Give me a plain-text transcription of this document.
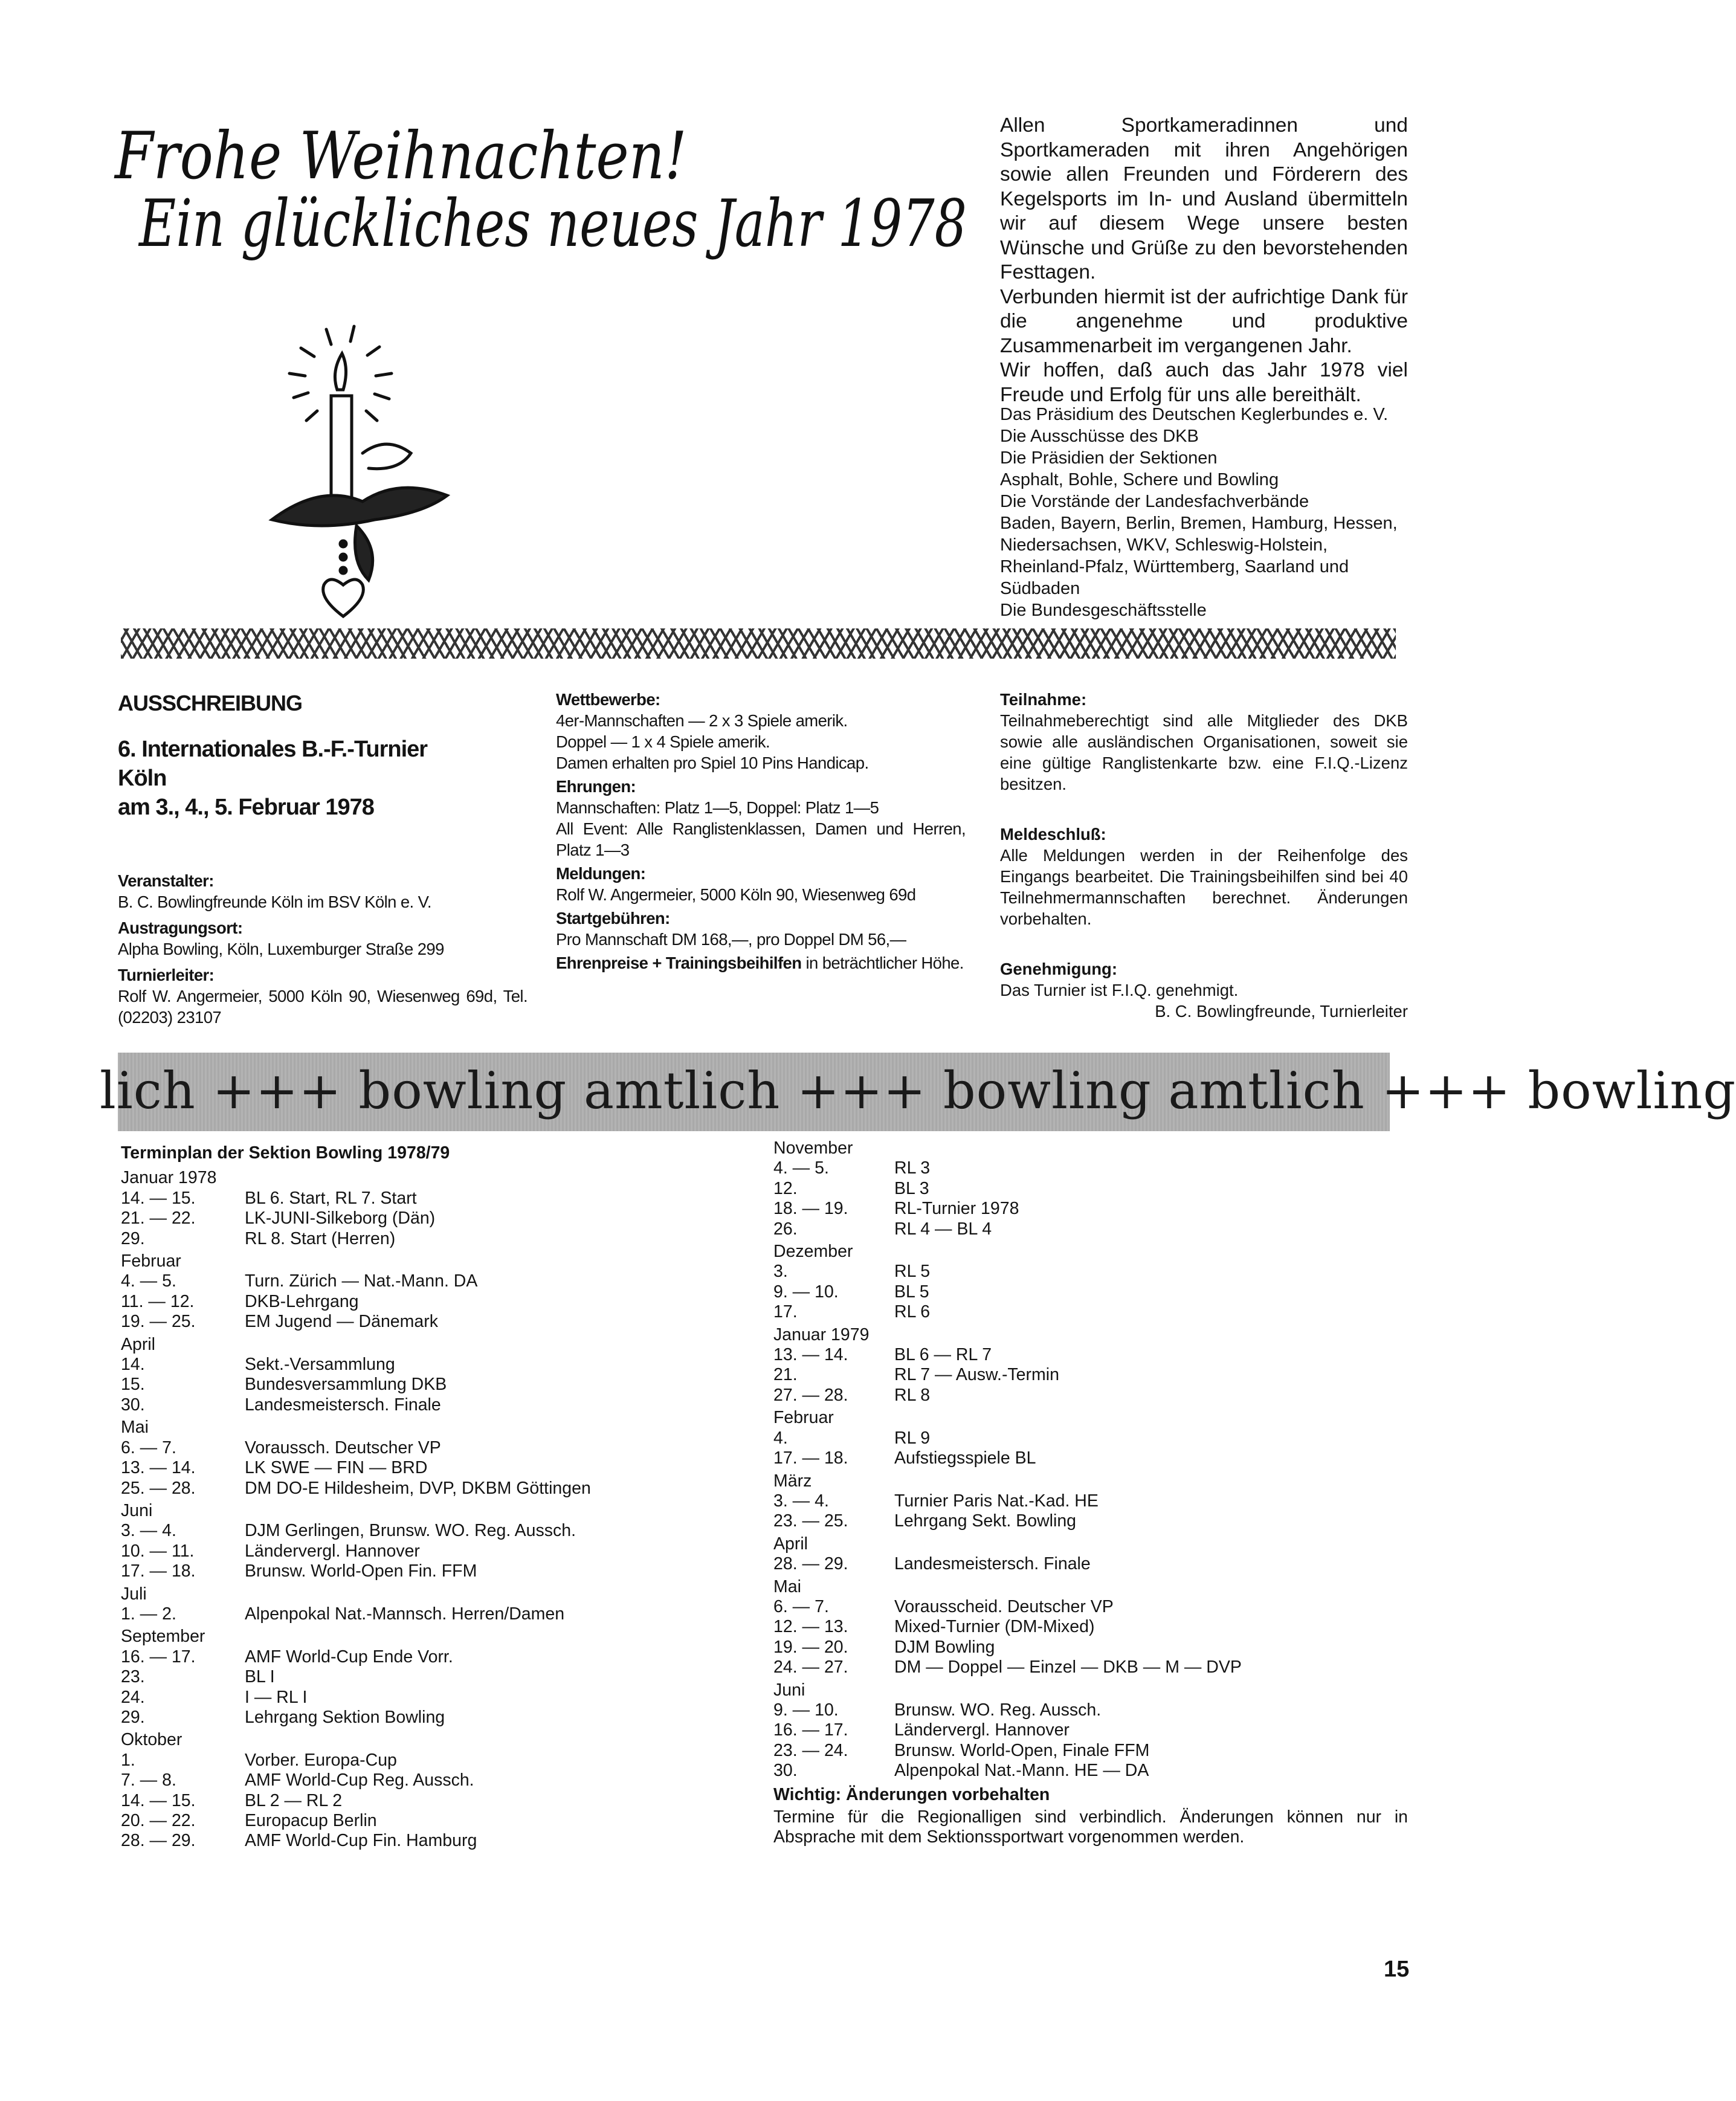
Frohe Weihnachten!
Ein glückliches neues Jahr 1978

Allen Sportkameradinnen und Sportkameraden mit ihren Angehörigen sowie allen Freunden und Förderern des Kegelsports im In- und Ausland übermitteln wir auf diesem Wege unsere besten Wünsche und Grüße zu den bevorstehenden Festtagen.

Verbunden hiermit ist der aufrichtige Dank für die angenehme und produktive Zusammenarbeit im vergangenen Jahr.

Wir hoffen, daß auch das Jahr 1978 viel Freude und Erfolg für uns alle bereithält.

Das Präsidium des Deutschen Keglerbundes e. V.
Die Ausschüsse des DKB
Die Präsidien der Sektionen
Asphalt, Bohle, Schere und Bowling
Die Vorstände der Landesfachverbände
Baden, Bayern, Berlin, Bremen, Hamburg, Hessen,
Niedersachsen, WKV, Schleswig-Holstein,
Rheinland-Pfalz, Württemberg, Saarland und
Südbaden
Die Bundesgeschäftsstelle
AUSSCHREIBUNG
6. Internationales B.-F.-Turnier
Köln
am 3., 4., 5. Februar 1978
Veranstalter:

B. C. Bowlingfreunde Köln im BSV Köln e. V.

Austragungsort:

Alpha Bowling, Köln, Luxemburger Straße 299

Turnierleiter:

Rolf W. Angermeier, 5000 Köln 90, Wiesenweg 69d, Tel. (02203) 23107

Wettbewerbe:

4er-Mannschaften — 2 x 3 Spiele amerik.

Doppel — 1 x 4 Spiele amerik.

Damen erhalten pro Spiel 10 Pins Handicap.

Ehrungen:

Mannschaften: Platz 1—5, Doppel: Platz 1—5

All Event: Alle Ranglistenklassen, Damen und Herren, Platz 1—3

Meldungen:

Rolf W. Angermeier, 5000 Köln 90, Wiesenweg 69d

Startgebühren:

Pro Mannschaft DM 168,—, pro Doppel DM 56,—

Ehrenpreise + Trainingsbeihilfen in beträchtlicher Höhe.

Teilnahme:

Teilnahmeberechtigt sind alle Mitglieder des DKB sowie alle ausländischen Organisationen, soweit sie eine gültige Ranglistenkarte bzw. eine F.I.Q.-Lizenz besitzen.

Meldeschluß:

Alle Meldungen werden in der Reihenfolge des Eingangs bearbeitet. Die Trainingsbeihilfen sind bei 40 Teilnehmermannschaften berechnet. Änderungen vorbehalten.

Genehmigung:

Das Turnier ist F.I.Q. genehmigt.

B. C. Bowlingfreunde, Turnierleiter

lich +++ bowling amtlich +++ bowling amtlich +++ bowling
Terminplan der Sektion Bowling 1978/79
Januar 1978
14. — 15.	BL 6. Start, RL 7. Start
21. — 22.	LK-JUNI-Silkeborg (Dän)
29.	RL 8. Start (Herren)
Februar
4. — 5.	Turn. Zürich — Nat.-Mann. DA
11. — 12.	DKB-Lehrgang
19. — 25.	EM Jugend — Dänemark
April
14.	Sekt.-Versammlung
15.	Bundesversammlung DKB
30.	Landesmeistersch. Finale
Mai
6. — 7.	Voraussch. Deutscher VP
13. — 14.	LK SWE — FIN — BRD
25. — 28.	DM DO-E Hildesheim, DVP, DKBM Göttingen
Juni
3. — 4.	DJM Gerlingen, Brunsw. WO. Reg. Aussch.
10. — 11.	Ländervergl. Hannover
17. — 18.	Brunsw. World-Open Fin. FFM
Juli
1. — 2.	Alpenpokal Nat.-Mannsch. Herren/Damen
September
16. — 17.	AMF World-Cup Ende Vorr.
23.	BL I
24.	I — RL I
29.	Lehrgang Sektion Bowling
Oktober
1.	Vorber. Europa-Cup
7. — 8.	AMF World-Cup Reg. Aussch.
14. — 15.	BL 2 — RL 2
20. — 22.	Europacup Berlin
28. — 29.	AMF World-Cup Fin. Hamburg
November
4. — 5.	RL 3
12.	BL 3
18. — 19.	RL-Turnier 1978
26.	RL 4 — BL 4
Dezember
3.	RL 5
9. — 10.	BL 5
17.	RL 6
Januar 1979
13. — 14.	BL 6 — RL 7
21.	RL 7 — Ausw.-Termin
27. — 28.	RL 8
Februar
4.	RL 9
17. — 18.	Aufstiegsspiele BL
März
3. — 4.	Turnier Paris Nat.-Kad. HE
23. — 25.	Lehrgang Sekt. Bowling
April
28. — 29.	Landesmeistersch. Finale
Mai
6. — 7.	Vorausscheid. Deutscher VP
12. — 13.	Mixed-Turnier (DM-Mixed)
19. — 20.	DJM Bowling
24. — 27.	DM — Doppel — Einzel — DKB — M — DVP
Juni
9. — 10.	Brunsw. WO. Reg. Aussch.
16. — 17.	Ländervergl. Hannover
23. — 24.	Brunsw. World-Open, Finale FFM
30.	Alpenpokal Nat.-Mann. HE — DA
Wichtig: Änderungen vorbehalten
Termine für die Regionalligen sind verbindlich. Änderungen können nur in Absprache mit dem Sektionssportwart vorgenommen werden.
15
